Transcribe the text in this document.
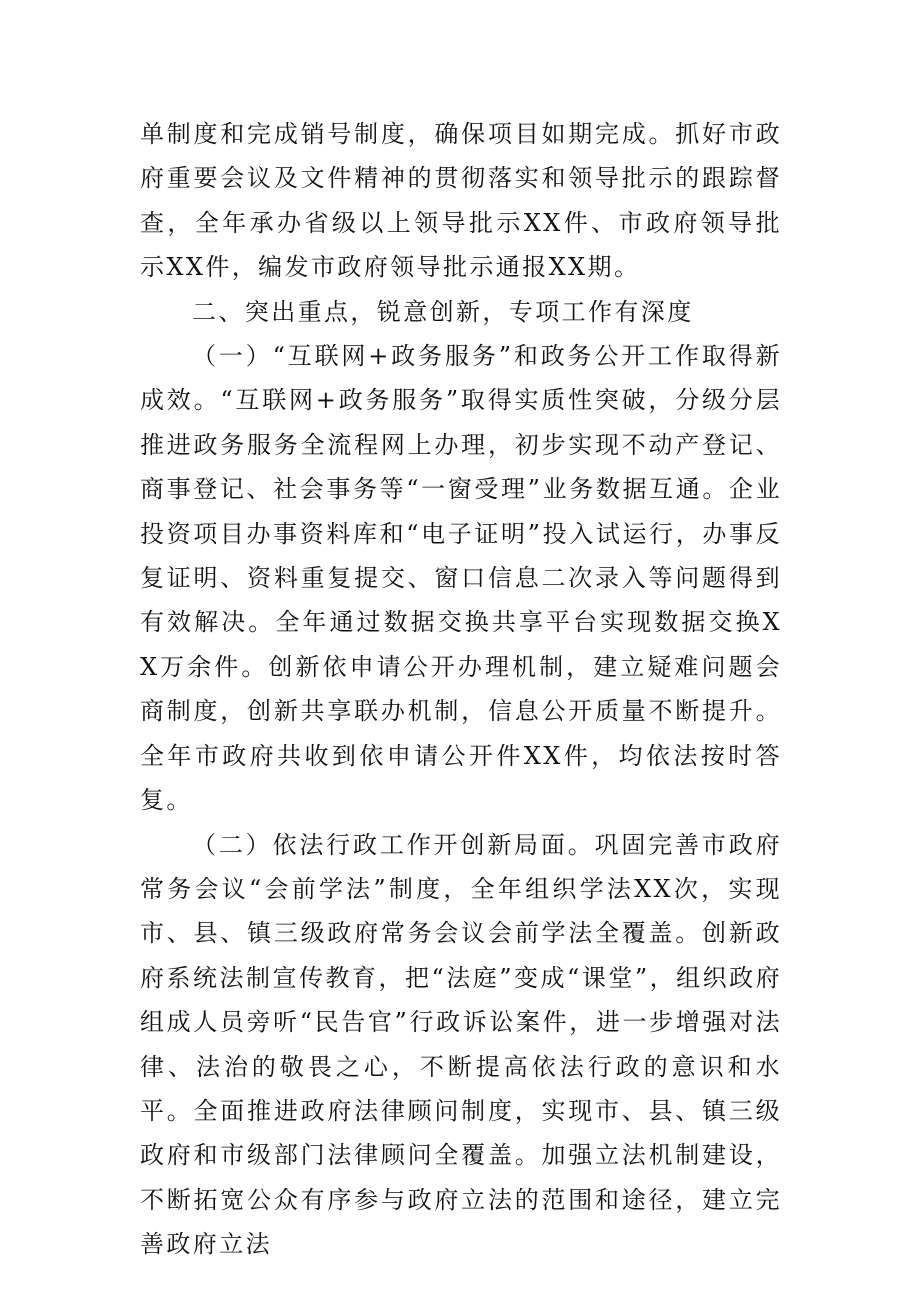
单制度和完成销号制度，确保项目如期完成。抓好市政府重要会议及文件精神的贯彻落实和领导批示的跟踪督查，全年承办省级以上领导批示XX件、市政府领导批示XX件，编发市政府领导批示通报XX期。

二、突出重点，锐意创新，专项工作有深度

（一）“互联网+政务服务”和政务公开工作取得新成效。“互联网+政务服务”取得实质性突破，分级分层推进政务服务全流程网上办理，初步实现不动产登记、商事登记、社会事务等“一窗受理”业务数据互通。企业投资项目办事资料库和“电子证明”投入试运行，办事反复证明、资料重复提交、窗口信息二次录入等问题得到有效解决。全年通过数据交换共享平台实现数据交换XX万余件。创新依申请公开办理机制，建立疑难问题会商制度，创新共享联办机制，信息公开质量不断提升。全年市政府共收到依申请公开件XX件，均依法按时答复。

（二）依法行政工作开创新局面。巩固完善市政府常务会议“会前学法”制度，全年组织学法XX次，实现市、县、镇三级政府常务会议会前学法全覆盖。创新政府系统法制宣传教育，把“法庭”变成“课堂”，组织政府组成人员旁听“民告官”行政诉讼案件，进一步增强对法律、法治的敬畏之心，不断提高依法行政的意识和水平。全面推进政府法律顾问制度，实现市、县、镇三级政府和市级部门法律顾问全覆盖。加强立法机制建设，不断拓宽公众有序参与政府立法的范围和途径，建立完善政府立法
